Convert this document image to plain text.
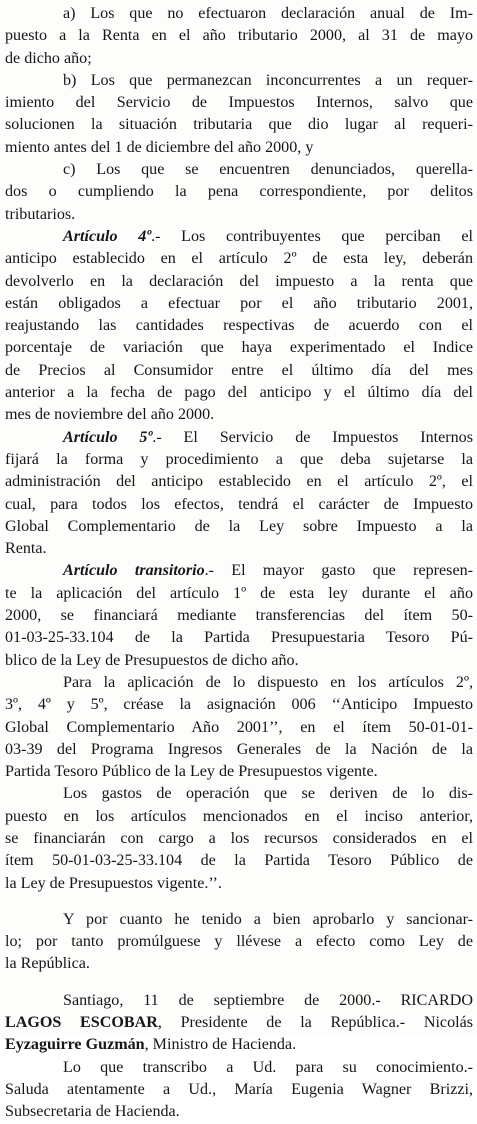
a) Los que no efectuaron declaración anual de Im-
puesto a la Renta en el año tributario 2000, al 31 de mayo
de dicho año;
b) Los que permanezcan inconcurrentes a un requer-
imiento del Servicio de Impuestos Internos, salvo que
solucionen la situación tributaria que dio lugar al requeri-
miento antes del 1 de diciembre del año 2000, y
c) Los que se encuentren denunciados, querella-
dos o cumpliendo la pena correspondiente, por delitos
tributarios.
Artículo 4º.- Los contribuyentes que perciban el
anticipo establecido en el artículo 2º de esta ley, deberán
devolverlo en la declaración del impuesto a la renta que
están obligados a efectuar por el año tributario 2001,
reajustando las cantidades respectivas de acuerdo con el
porcentaje de variación que haya experimentado el Indice
de Precios al Consumidor entre el último día del mes
anterior a la fecha de pago del anticipo y el último día del
mes de noviembre del año 2000.
Artículo 5º.- El Servicio de Impuestos Internos
fijará la forma y procedimiento a que deba sujetarse la
administración del anticipo establecido en el artículo 2º, el
cual, para todos los efectos, tendrá el carácter de Impuesto
Global Complementario de la Ley sobre Impuesto a la
Renta.
Artículo transitorio.- El mayor gasto que represen-
te la aplicación del artículo 1º de esta ley durante el año
2000, se financiará mediante transferencias del ítem 50-
01-03-25-33.104 de la Partida Presupuestaria Tesoro Pú-
blico de la Ley de Presupuestos de dicho año.
Para la aplicación de lo dispuesto en los artículos 2º,
3º, 4º y 5º, créase la asignación 006 ‘‘Anticipo Impuesto
Global Complementario Año 2001’’, en el ítem 50-01-01-
03-39 del Programa Ingresos Generales de la Nación de la
Partida Tesoro Público de la Ley de Presupuestos vigente.
Los gastos de operación que se deriven de lo dis-
puesto en los artículos mencionados en el inciso anterior,
se financiarán con cargo a los recursos considerados en el
ítem 50-01-03-25-33.104 de la Partida Tesoro Público de
la Ley de Presupuestos vigente.’’.
Y por cuanto he tenido a bien aprobarlo y sancionar-
lo; por tanto promúlguese y llévese a efecto como Ley de
la República.
Santiago, 11 de septiembre de 2000.- RICARDO
LAGOS ESCOBAR, Presidente de la República.- Nicolás
Eyzaguirre Guzmán, Ministro de Hacienda.
Lo que transcribo a Ud. para su conocimiento.-
Saluda atentamente a Ud., María Eugenia Wagner Brizzi,
Subsecretaria de Hacienda.
